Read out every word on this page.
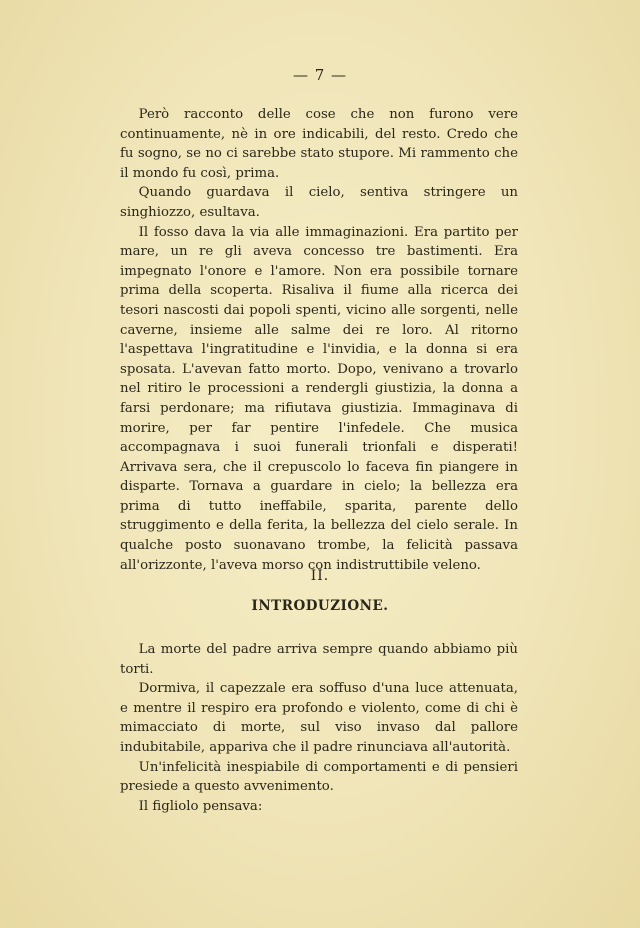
— 7 —

Però racconto delle cose che non furono vere continuamente, nè in ore indicabili, del resto. Credo che fu sogno, se no ci sarebbe stato stupore. Mi rammento che il mondo fu così, prima.

Quando guardava il cielo, sentiva stringere un singhiozzo, esultava.

Il fosso dava la via alle immaginazioni. Era partito per mare, un re gli aveva concesso tre bastimenti. Era impegnato l'onore e l'amore. Non era possibile tornare prima della scoperta. Risaliva il fiume alla ricerca dei tesori nascosti dai popoli spenti, vicino alle sorgenti, nelle caverne, insieme alle salme dei re loro. Al ritorno l'aspettava l'ingratitudine e l'invidia, e la donna si era sposata. L'avevan fatto morto. Dopo, venivano a trovarlo nel ritiro le processioni a rendergli giustizia, la donna a farsi perdonare; ma rifiutava giustizia. Immaginava di morire, per far pentire l'infedele. Che musica accompagnava i suoi funerali trionfali e disperati! Arrivava sera, che il crepuscolo lo faceva fin piangere in disparte. Tornava a guardare in cielo; la bellezza era prima di tutto ineffabile, sparita, parente dello struggimento e della ferita, la bellezza del cielo serale. In qualche posto suonavano trombe, la felicità passava all'orizzonte, l'aveva morso con indistruttibile veleno.

II.
INTRODUZIONE.

La morte del padre arriva sempre quando abbiamo più torti.

Dormiva, il capezzale era soffuso d'una luce attenuata, e mentre il respiro era profondo e violento, come di chi è mimacciato di morte, sul viso invaso dal pallore indubitabile, appariva che il padre rinunciava all'autorità.

Un'infelicità inespiabile di comportamenti e di pensieri presiede a questo avvenimento.

Il figliolo pensava:
